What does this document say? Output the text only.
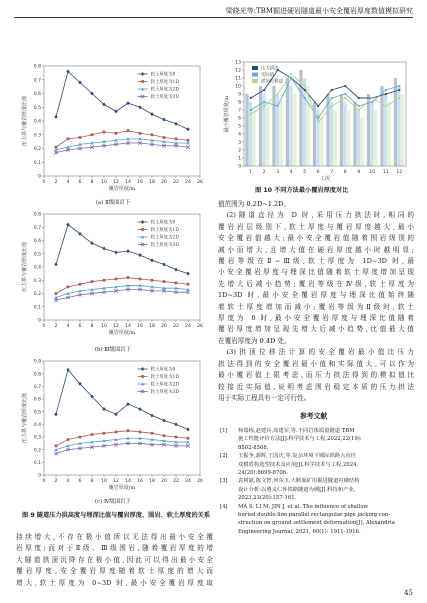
梁晓光等:TBM掘进硬岩隧道最小安全覆岩厚度数值模拟研究
0
0.1
0.2
0.3
0.4
0.5
0.6
0.7
0.8
0 2 4 6 8 10 12 14 16 18 20 22 24 26
覆岩厚度/m
压力拱与覆岩厚度比值
软土厚度为0
软土厚度为1D
软土厚度为2D
软土厚度为3D
(a) Ⅱ级围岩下
0
0.1
0.2
0.3
0.4
0.5
0.6
0.7
0.8
0 2 4 6 8 10 12 14 16 18 20 22 24 26
覆岩厚度/m
压力拱与覆岩厚度比值
软土厚度为0
软土厚度为1D
软土厚度为2D
软土厚度为3D
(b) Ⅲ级围岩下
0
0.1
0.2
0.3
0.4
0.5
0.6
0.7
0.8
0.9
0 2 4 6 8 10 12 14 16 18 20 22 24 26
覆岩厚度/m
压力拱与覆岩厚度比值
软土厚度为0
软土厚度为1D
软土厚度为2D
软土厚度为3D
(c) Ⅳ级围岩下
图 9 隧道压力拱高度与埋深比值与覆岩厚度、围岩、软土厚度的关系
0
1
2
3
4
5
6
7
8
9
10
11
12
13
1 2 3 4 5 6 7 8 9 10 11 12
工况
最小覆岩厚度/m
压力拱法
实际值
拱顶位移法
图 10 不同方法最小覆岩厚度对比
持续增大,不存在极小值所以无法得出最小安全覆
岩厚度;而对于Ⅱ级、Ⅲ级围岩,随着覆岩厚度的增
大隧道拱顶沉降存在极小值,因此可以得出最小安全
覆岩厚度,安全覆岩厚度随着软土厚度的增大而
增大,软土厚度为 0~3D 时,最小安全覆岩厚度取

值范围为 0.2D~1.2D。

(2)隧道直径为 D 时,采用压力拱法时,相同的
覆岩岩层级别下,软土厚度与覆岩厚度越大,最小
安全覆岩值越大;最小安全覆岩值随着围岩级别的
减小而增大,且增大值在硬岩厚度越小时越明显;
覆岩等级在Ⅱ~Ⅲ级,软土厚度为 1D~3D 时,最
小安全覆岩厚度与埋深比值随着软土厚度增加呈现
先增大后减小趋势;覆岩等级在Ⅳ级,软土厚度为
1D~3D 时,最小安全覆岩厚度与埋深比值始终随
着软土厚度增加而减小;覆岩等级为Ⅱ级时,软土
厚度为 0 时,最小安全覆岩厚度与埋深比值随着
覆岩厚度增加呈现先增大后减小趋势,比值最大值
在覆岩厚度为 0.4D 处。

(3)拱顶位移法计算的安全覆岩最小值比压力
拱法得到的安全覆岩最小值和实际值大,可以作为
最小覆岩值上限考虑,而压力拱法得到的模拟值比
较接近实际值,说明考虑围岩稳定本质的压力拱法
用于实际工程具有一定可行性。

参考文献
[1] 杨瑞栋,赵建兵,周建军,等.不同岩体质量隧道 TBM
施工性能评价方法[J].科学技术与工程,2022,22(19):
8502-8508.
[2] 王振争,郭辉,王国庆,等.复杂环境下城际铁路大直径
双模盾构选型技术及应用[J].科学技术与工程,2024,
24(20):8699-8706.
[3] 袁树斌,陈文智,何东玉.大断面矿用掘进隧道衬砌结构
设计分析:以遵义仁怀铁路隧道为例[J].科技和产业,
2023,23(20):157-161.
[4] MA S, LI M, JIN J, et al. The influence of shallow
buried double-line parallel rectangular pipe jacking con-
struction on ground settlement deformation[J]. Alexandria
Engineering Journal, 2021, 60(1): 1911-1916.
45
